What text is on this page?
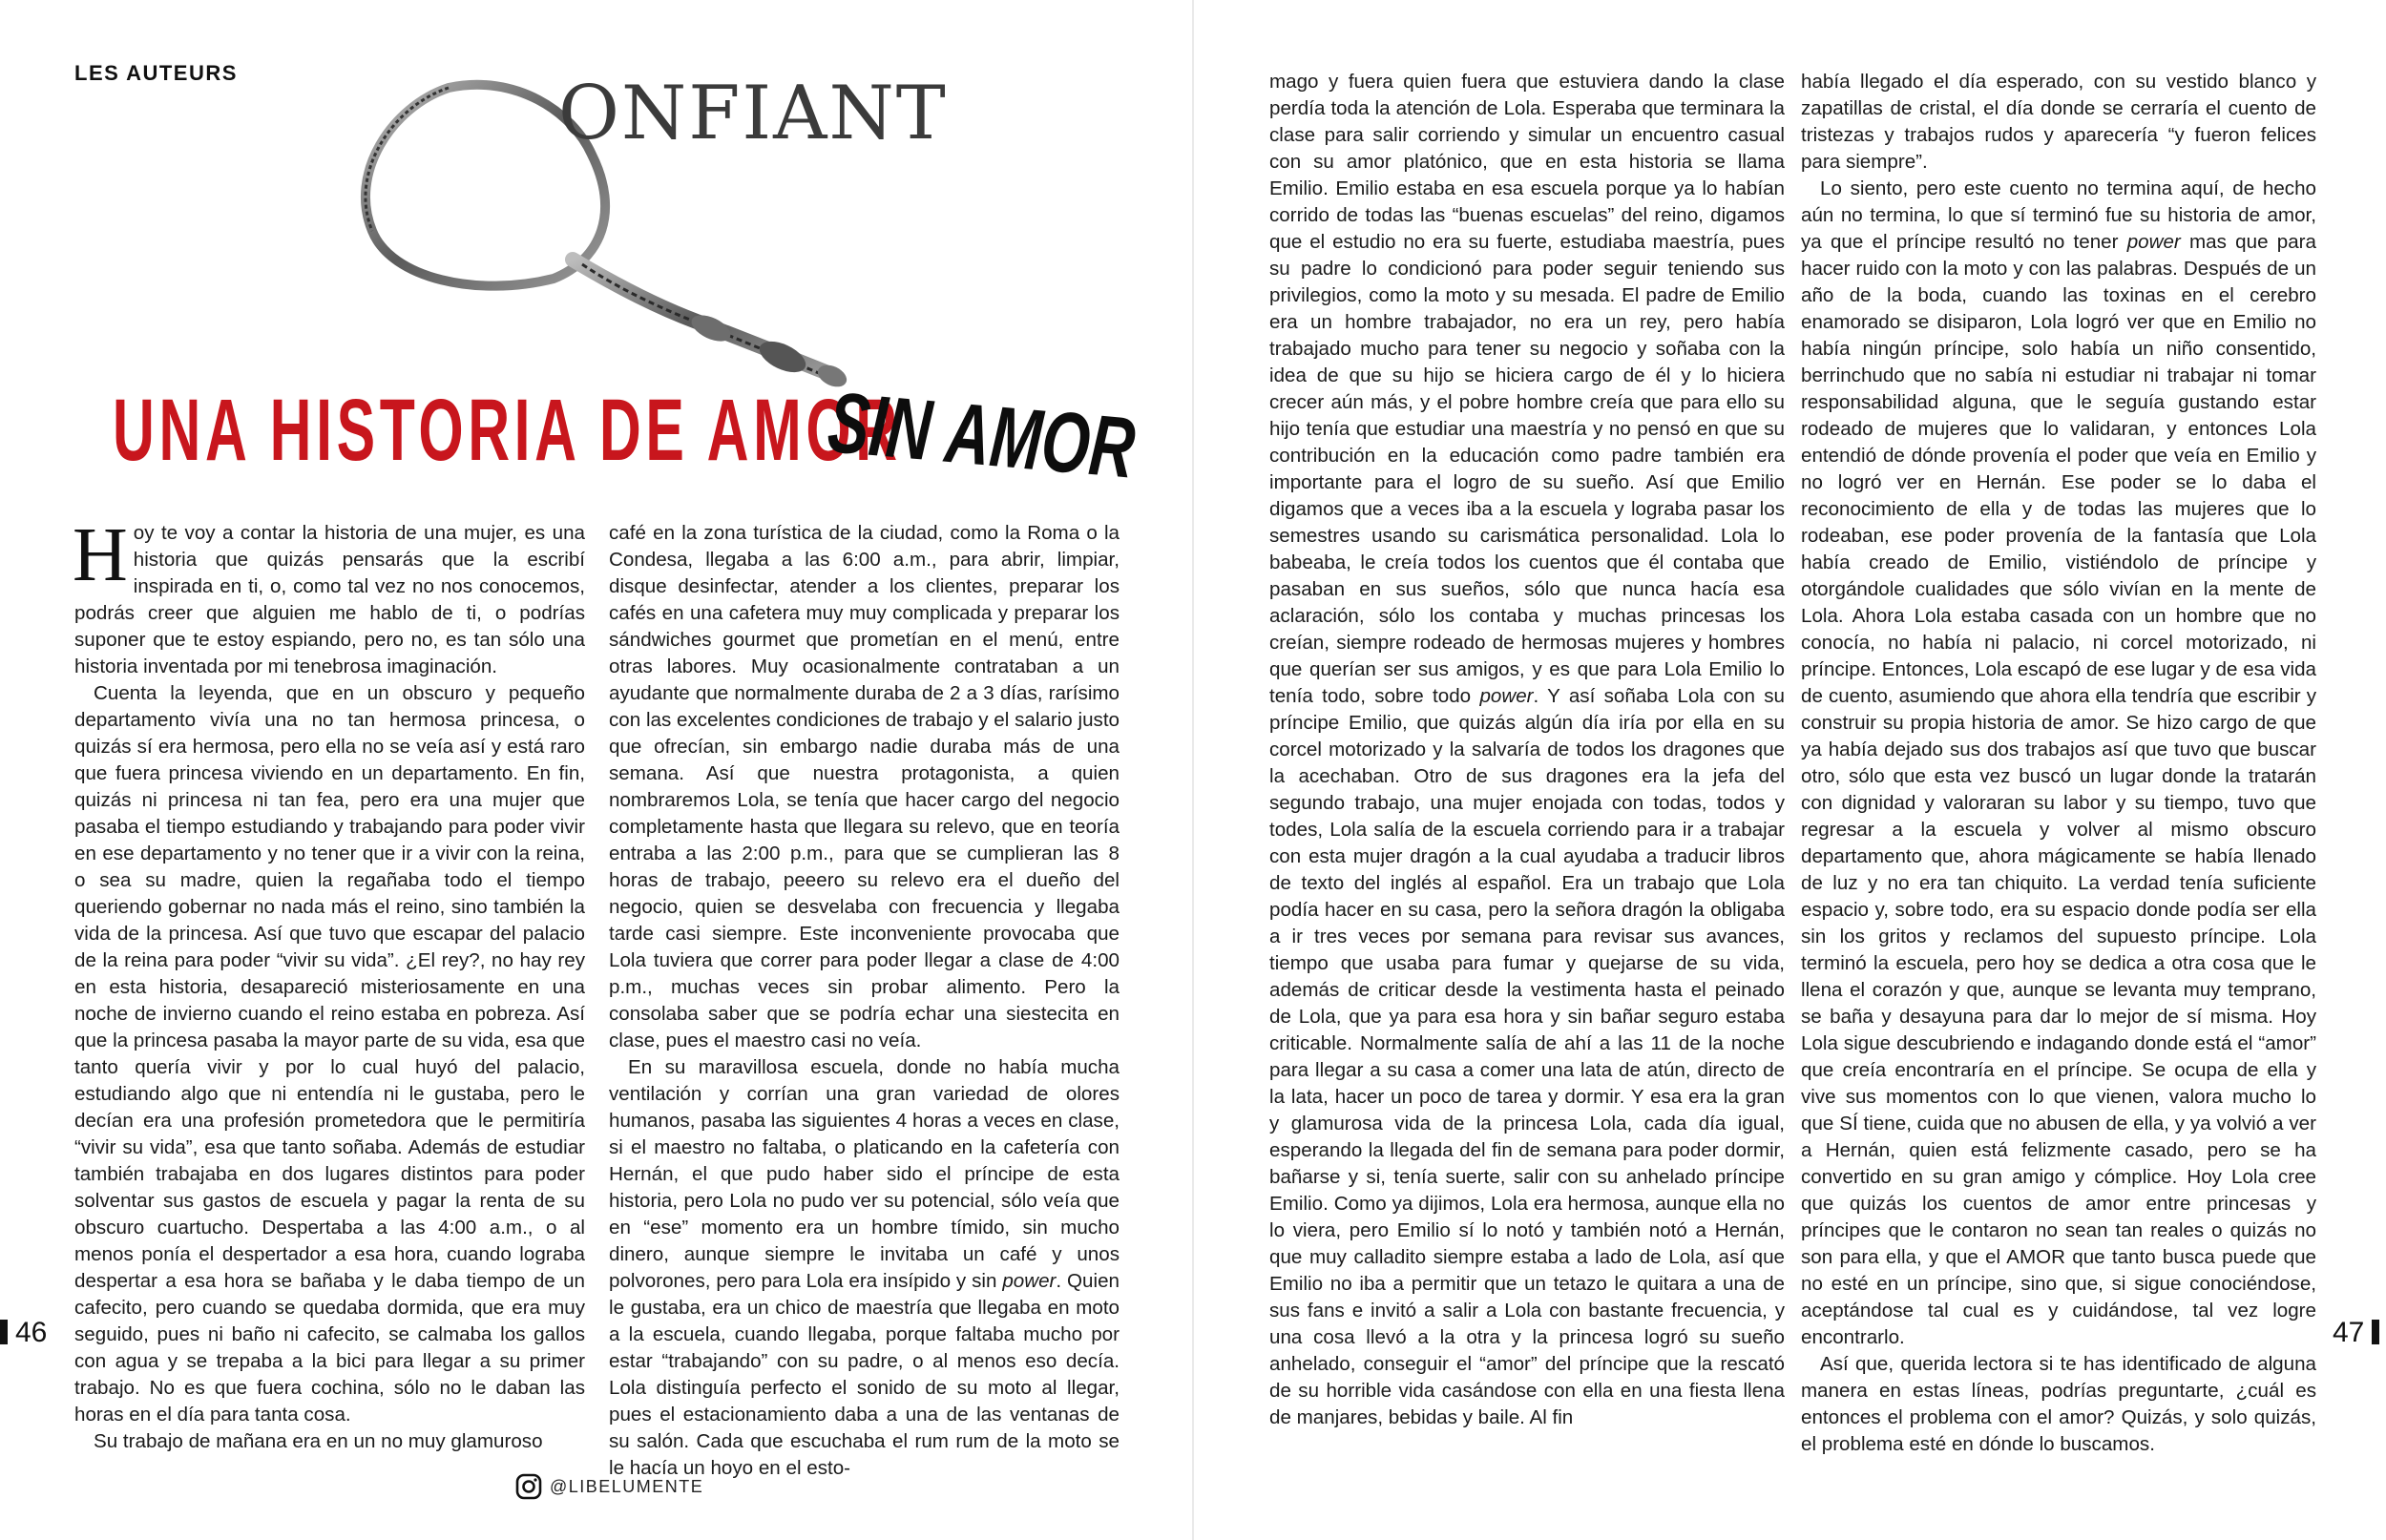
LES AUTEURS	ONFIANT
UNA HISTORIA DE AMOR
SIN AMOR

Hoy te voy a contar la historia de una mujer, es una historia que quizás pensarás que la escribí inspirada en ti, o, como tal vez no nos conocemos, podrás creer que alguien me hablo de ti, o podrías suponer que te estoy espiando, pero no, es tan sólo una historia inventada por mi tenebrosa imaginación.

Cuenta la leyenda, que en un obscuro y pequeño departamento vivía una no tan hermosa princesa, o quizás sí era hermosa, pero ella no se veía así y está raro que fuera princesa viviendo en un departamento. En fin, quizás ni princesa ni tan fea, pero era una mujer que pasaba el tiempo estudiando y trabajando para poder vivir en ese departamento y no tener que ir a vivir con la reina, o sea su madre, quien la regañaba todo el tiempo queriendo gobernar no nada más el reino, sino también la vida de la princesa. Así que tuvo que escapar del palacio de la reina para poder “vivir su vida”. ¿El rey?, no hay rey en esta historia, desapareció misteriosamente en una noche de invierno cuando el reino estaba en pobreza. Así que la princesa pasaba la mayor parte de su vida, esa que tanto quería vivir y por lo cual huyó del palacio, estudiando algo que ni entendía ni le gustaba, pero le decían era una profesión prometedora que le permitiría “vivir su vida”, esa que tanto soñaba. Además de estudiar también trabajaba en dos lugares distintos para poder solventar sus gastos de escuela y pagar la renta de su obscuro cuartucho. Despertaba a las 4:00 a.m., o al menos ponía el despertador a esa hora, cuando lograba despertar a esa hora se bañaba y le daba tiempo de un cafecito, pero cuando se quedaba dormida, que era muy seguido, pues ni baño ni cafecito, se calmaba los gallos con agua y se trepaba a la bici para llegar a su primer trabajo. No es que fuera cochina, sólo no le daban las horas en el día para tanta cosa.

Su trabajo de mañana era en un no muy glamuroso

café en la zona turística de la ciudad, como la Roma o la Condesa, llegaba a las 6:00 a.m., para abrir, limpiar, disque desinfectar, atender a los clientes, preparar los cafés en una cafetera muy muy complicada y preparar los sándwiches gourmet que prometían en el menú, entre otras labores. Muy ocasionalmente contrataban a un ayudante que normalmente duraba de 2 a 3 días, rarísimo con las excelentes condiciones de trabajo y el salario justo que ofrecían, sin embargo nadie duraba más de una semana. Así que nuestra protagonista, a quien nombraremos Lola, se tenía que hacer cargo del negocio completamente hasta que llegara su relevo, que en teoría entraba a las 2:00 p.m., para que se cumplieran las 8 horas de trabajo, peeero su relevo era el dueño del negocio, quien se desvelaba con frecuencia y llegaba tarde casi siempre. Este inconveniente provocaba que Lola tuviera que correr para poder llegar a clase de 4:00 p.m., muchas veces sin probar alimento. Pero la consolaba saber que se podría echar una siestecita en clase, pues el maestro casi no veía.

En su maravillosa escuela, donde no había mucha ventilación y corrían una gran variedad de olores humanos, pasaba las siguientes 4 horas a veces en clase, si el maestro no faltaba, o platicando en la cafetería con Hernán, el que pudo haber sido el príncipe de esta historia, pero Lola no pudo ver su potencial, sólo veía que en “ese” momento era un hombre tímido, sin mucho dinero, aunque siempre le invitaba un café y unos polvorones, pero para Lola era insípido y sin power. Quien le gustaba, era un chico de maestría que llegaba en moto a la escuela, cuando llegaba, porque faltaba mucho por estar “trabajando” con su padre, o al menos eso decía. Lola distinguía perfecto el sonido de su moto al llegar, pues el estacionamiento daba a una de las ventanas de su salón. Cada que escuchaba el rum rum de la moto se le hacía un hoyo en el esto-

46
@LIBELUMENTE

mago y fuera quien fuera que estuviera dando la clase perdía toda la atención de Lola. Esperaba que terminara la clase para salir corriendo y simular un encuentro casual con su amor platónico, que en esta historia se llama Emilio. Emilio estaba en esa escuela porque ya lo habían corrido de todas las “buenas escuelas” del reino, digamos que el estudio no era su fuerte, estudiaba maestría, pues su padre lo condicionó para poder seguir teniendo sus privilegios, como la moto y su mesada. El padre de Emilio era un hombre trabajador, no era un rey, pero había trabajado mucho para tener su negocio y soñaba con la idea de que su hijo se hiciera cargo de él y lo hiciera crecer aún más, y el pobre hombre creía que para ello su hijo tenía que estudiar una maestría y no pensó en que su contribución en la educación como padre también era importante para el logro de su sueño. Así que Emilio digamos que a veces iba a la escuela y lograba pasar los semestres usando su carismática personalidad. Lola lo babeaba, le creía todos los cuentos que él contaba que pasaban en sus sueños, sólo que nunca hacía esa aclaración, sólo los contaba y muchas princesas los creían, siempre rodeado de hermosas mujeres y hombres que querían ser sus amigos, y es que para Lola Emilio lo tenía todo, sobre todo power. Y así soñaba Lola con su príncipe Emilio, que quizás algún día iría por ella en su corcel motorizado y la salvaría de todos los dragones que la acechaban. Otro de sus dragones era la jefa del segundo trabajo, una mujer enojada con todas, todos y todes, Lola salía de la escuela corriendo para ir a trabajar con esta mujer dragón a la cual ayudaba a traducir libros de texto del inglés al español. Era un trabajo que Lola podía hacer en su casa, pero la señora dragón la obligaba a ir tres veces por semana para revisar sus avances, tiempo que usaba para fumar y quejarse de su vida, además de criticar desde la vestimenta hasta el peinado de Lola, que ya para esa hora y sin bañar seguro estaba criticable. Normalmente salía de ahí a las 11 de la noche para llegar a su casa a comer una lata de atún, directo de la lata, hacer un poco de tarea y dormir. Y esa era la gran y glamurosa vida de la princesa Lola, cada día igual, esperando la llegada del fin de semana para poder dormir, bañarse y si, tenía suerte, salir con su anhelado príncipe Emilio. Como ya dijimos, Lola era hermosa, aunque ella no lo viera, pero Emilio sí lo notó y también notó a Hernán, que muy calladito siempre estaba a lado de Lola, así que Emilio no iba a permitir que un tetazo le quitara a una de sus fans e invitó a salir a Lola con bastante frecuencia, y una cosa llevó a la otra y la princesa logró su sueño anhelado, conseguir el “amor” del príncipe que la rescató de su horrible vida casándose con ella en una fiesta llena de manjares, bebidas y baile. Al fin

había llegado el día esperado, con su vestido blanco y zapatillas de cristal, el día donde se cerraría el cuento de tristezas y trabajos rudos y aparecería “y fueron felices para siempre”.

Lo siento, pero este cuento no termina aquí, de hecho aún no termina, lo que sí terminó fue su historia de amor, ya que el príncipe resultó no tener power mas que para hacer ruido con la moto y con las palabras. Después de un año de la boda, cuando las toxinas en el cerebro enamorado se disiparon, Lola logró ver que en Emilio no había ningún príncipe, solo había un niño consentido, berrinchudo que no sabía ni estudiar ni trabajar ni tomar responsabilidad alguna, que le seguía gustando estar rodeado de mujeres que lo validaran, y entonces Lola entendió de dónde provenía el poder que veía en Emilio y no logró ver en Hernán. Ese poder se lo daba el reconocimiento de ella y de todas las mujeres que lo rodeaban, ese poder provenía de la fantasía que Lola había creado de Emilio, vistiéndolo de príncipe y otorgándole cualidades que sólo vivían en la mente de Lola. Ahora Lola estaba casada con un hombre que no conocía, no había ni palacio, ni corcel motorizado, ni príncipe. Entonces, Lola escapó de ese lugar y de esa vida de cuento, asumiendo que ahora ella tendría que escribir y construir su propia historia de amor. Se hizo cargo de que ya había dejado sus dos trabajos así que tuvo que buscar otro, sólo que esta vez buscó un lugar donde la tratarán con dignidad y valoraran su labor y su tiempo, tuvo que regresar a la escuela y volver al mismo obscuro departamento que, ahora mágicamente se había llenado de luz y no era tan chiquito. La verdad tenía suficiente espacio y, sobre todo, era su espacio donde podía ser ella sin los gritos y reclamos del supuesto príncipe. Lola terminó la escuela, pero hoy se dedica a otra cosa que le llena el corazón y que, aunque se levanta muy temprano, se baña y desayuna para dar lo mejor de sí misma. Hoy Lola sigue descubriendo e indagando donde está el “amor” que creía encontraría en el príncipe. Se ocupa de ella y vive sus momentos con lo que vienen, valora mucho lo que SÍ tiene, cuida que no abusen de ella, y ya volvió a ver a Hernán, quien está felizmente casado, pero se ha convertido en su gran amigo y cómplice. Hoy Lola cree que quizás los cuentos de amor entre princesas y príncipes que le contaron no sean tan reales o quizás no son para ella, y que el AMOR que tanto busca puede que no esté en un príncipe, sino que, si sigue conociéndose, aceptándose tal cual es y cuidándose, tal vez logre encontrarlo.

Así que, querida lectora si te has identificado de alguna manera en estas líneas, podrías preguntarte, ¿cuál es entonces el problema con el amor? Quizás, y solo quizás, el problema esté en dónde lo buscamos.

47
